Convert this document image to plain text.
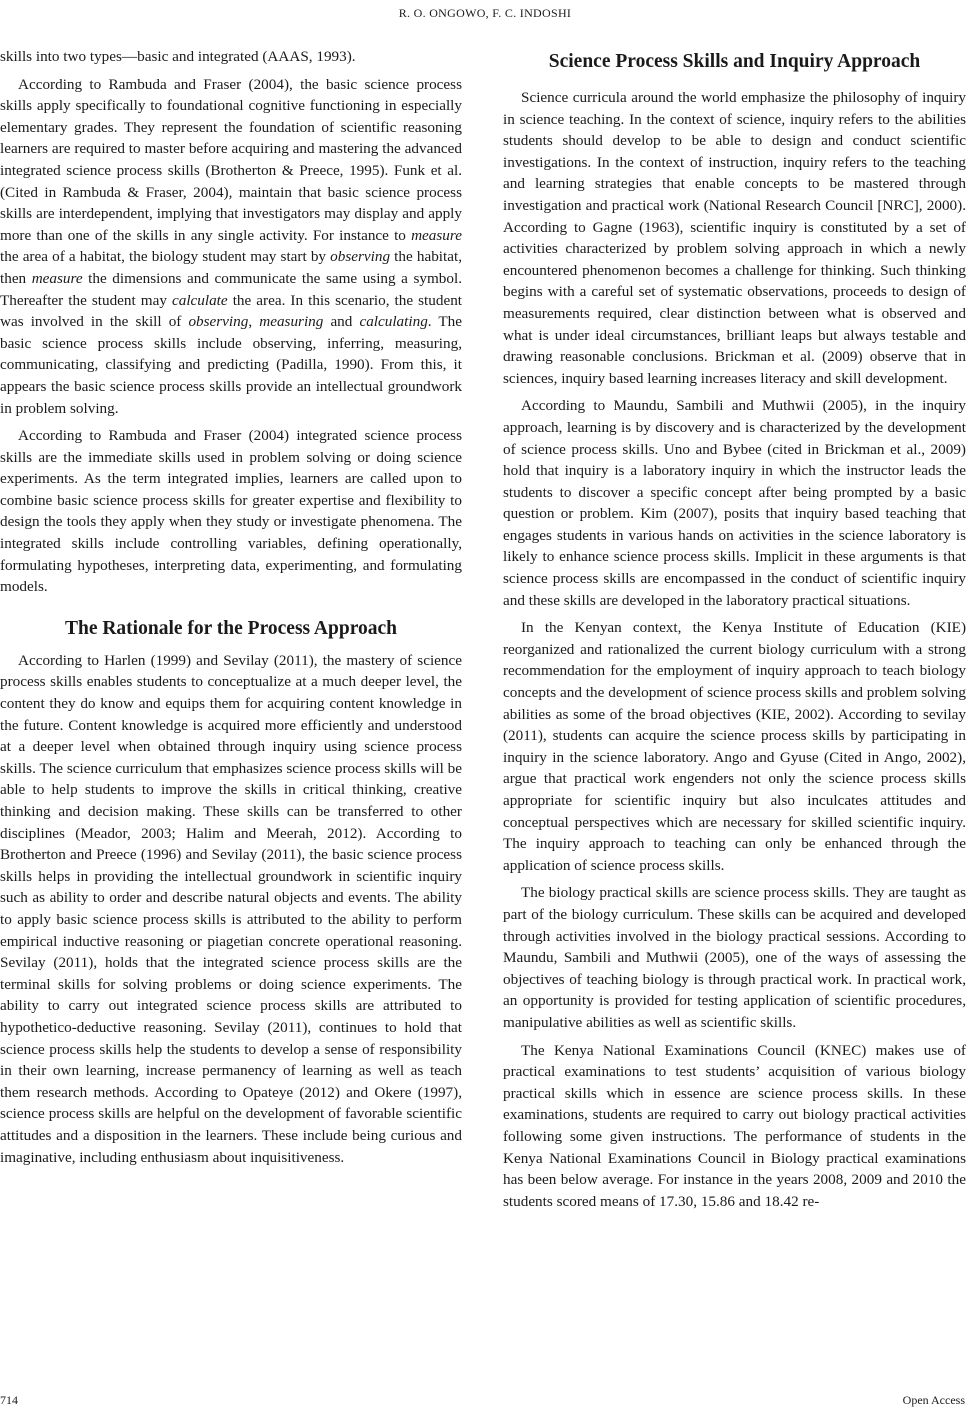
R. O. ONGOWO, F. C. INDOSHI

skills into two types—basic and integrated (AAAS, 1993).

According to Rambuda and Fraser (2004), the basic science process skills apply specifically to foundational cognitive functioning in especially elementary grades. They represent the foundation of scientific reasoning learners are required to master before acquiring and mastering the advanced integrated science process skills (Brotherton & Preece, 1995). Funk et al. (Cited in Rambuda & Fraser, 2004), maintain that basic science process skills are interdependent, implying that investigators may display and apply more than one of the skills in any single activity. For instance to measure the area of a habitat, the biology student may start by observing the habitat, then measure the dimensions and communicate the same using a symbol. Thereafter the student may calculate the area. In this scenario, the student was involved in the skill of observing, measuring and calculating. The basic science process skills include observing, inferring, measuring, communicating, classifying and predicting (Padilla, 1990). From this, it appears the basic science process skills provide an intellectual groundwork in problem solving.

According to Rambuda and Fraser (2004) integrated science process skills are the immediate skills used in problem solving or doing science experiments. As the term integrated implies, learners are called upon to combine basic science process skills for greater expertise and flexibility to design the tools they apply when they study or investigate phenomena. The integrated skills include controlling variables, defining operationally, formulating hypotheses, interpreting data, experimenting, and formulating models.

The Rationale for the Process Approach

According to Harlen (1999) and Sevilay (2011), the mastery of science process skills enables students to conceptualize at a much deeper level, the content they do know and equips them for acquiring content knowledge in the future. Content knowledge is acquired more efficiently and understood at a deeper level when obtained through inquiry using science process skills. The science curriculum that emphasizes science process skills will be able to help students to improve the skills in critical thinking, creative thinking and decision making. These skills can be transferred to other disciplines (Meador, 2003; Halim and Meerah, 2012). According to Brotherton and Preece (1996) and Sevilay (2011), the basic science process skills helps in providing the intellectual groundwork in scientific inquiry such as ability to order and describe natural objects and events. The ability to apply basic science process skills is attributed to the ability to perform empirical inductive reasoning or piagetian concrete operational reasoning. Sevilay (2011), holds that the integrated science process skills are the terminal skills for solving problems or doing science experiments. The ability to carry out integrated science process skills are attributed to hypothetico-deductive reasoning. Sevilay (2011), continues to hold that science process skills help the students to develop a sense of responsibility in their own learning, increase permanency of learning as well as teach them research methods. According to Opateye (2012) and Okere (1997), science process skills are helpful on the development of favorable scientific attitudes and a disposition in the learners. These include being curious and imaginative, including enthusiasm about inquisitiveness.

Science Process Skills and Inquiry Approach

Science curricula around the world emphasize the philosophy of inquiry in science teaching. In the context of science, inquiry refers to the abilities students should develop to be able to design and conduct scientific investigations. In the context of instruction, inquiry refers to the teaching and learning strategies that enable concepts to be mastered through investigation and practical work (National Research Council [NRC], 2000). According to Gagne (1963), scientific inquiry is constituted by a set of activities characterized by problem solving approach in which a newly encountered phenomenon becomes a challenge for thinking. Such thinking begins with a careful set of systematic observations, proceeds to design of measurements required, clear distinction between what is observed and what is under ideal circumstances, brilliant leaps but always testable and drawing reasonable conclusions. Brickman et al. (2009) observe that in sciences, inquiry based learning increases literacy and skill development.

According to Maundu, Sambili and Muthwii (2005), in the inquiry approach, learning is by discovery and is characterized by the development of science process skills. Uno and Bybee (cited in Brickman et al., 2009) hold that inquiry is a laboratory inquiry in which the instructor leads the students to discover a specific concept after being prompted by a basic question or problem. Kim (2007), posits that inquiry based teaching that engages students in various hands on activities in the science laboratory is likely to enhance science process skills. Implicit in these arguments is that science process skills are encompassed in the conduct of scientific inquiry and these skills are developed in the laboratory practical situations.

In the Kenyan context, the Kenya Institute of Education (KIE) reorganized and rationalized the current biology curriculum with a strong recommendation for the employment of inquiry approach to teach biology concepts and the development of science process skills and problem solving abilities as some of the broad objectives (KIE, 2002). According to sevilay (2011), students can acquire the science process skills by participating in inquiry in the science laboratory. Ango and Gyuse (Cited in Ango, 2002), argue that practical work engenders not only the science process skills appropriate for scientific inquiry but also inculcates attitudes and conceptual perspectives which are necessary for skilled scientific inquiry. The inquiry approach to teaching can only be enhanced through the application of science process skills.

The biology practical skills are science process skills. They are taught as part of the biology curriculum. These skills can be acquired and developed through activities involved in the biology practical sessions. According to Maundu, Sambili and Muthwii (2005), one of the ways of assessing the objectives of teaching biology is through practical work. In practical work, an opportunity is provided for testing application of scientific procedures, manipulative abilities as well as scientific skills.

The Kenya National Examinations Council (KNEC) makes use of practical examinations to test students’ acquisition of various biology practical skills which in essence are science process skills. In these examinations, students are required to carry out biology practical activities following some given instructions. The performance of students in the Kenya National Examinations Council in Biology practical examinations has been below average. For instance in the years 2008, 2009 and 2010 the students scored means of 17.30, 15.86 and 18.42 re-

714	Open Access
